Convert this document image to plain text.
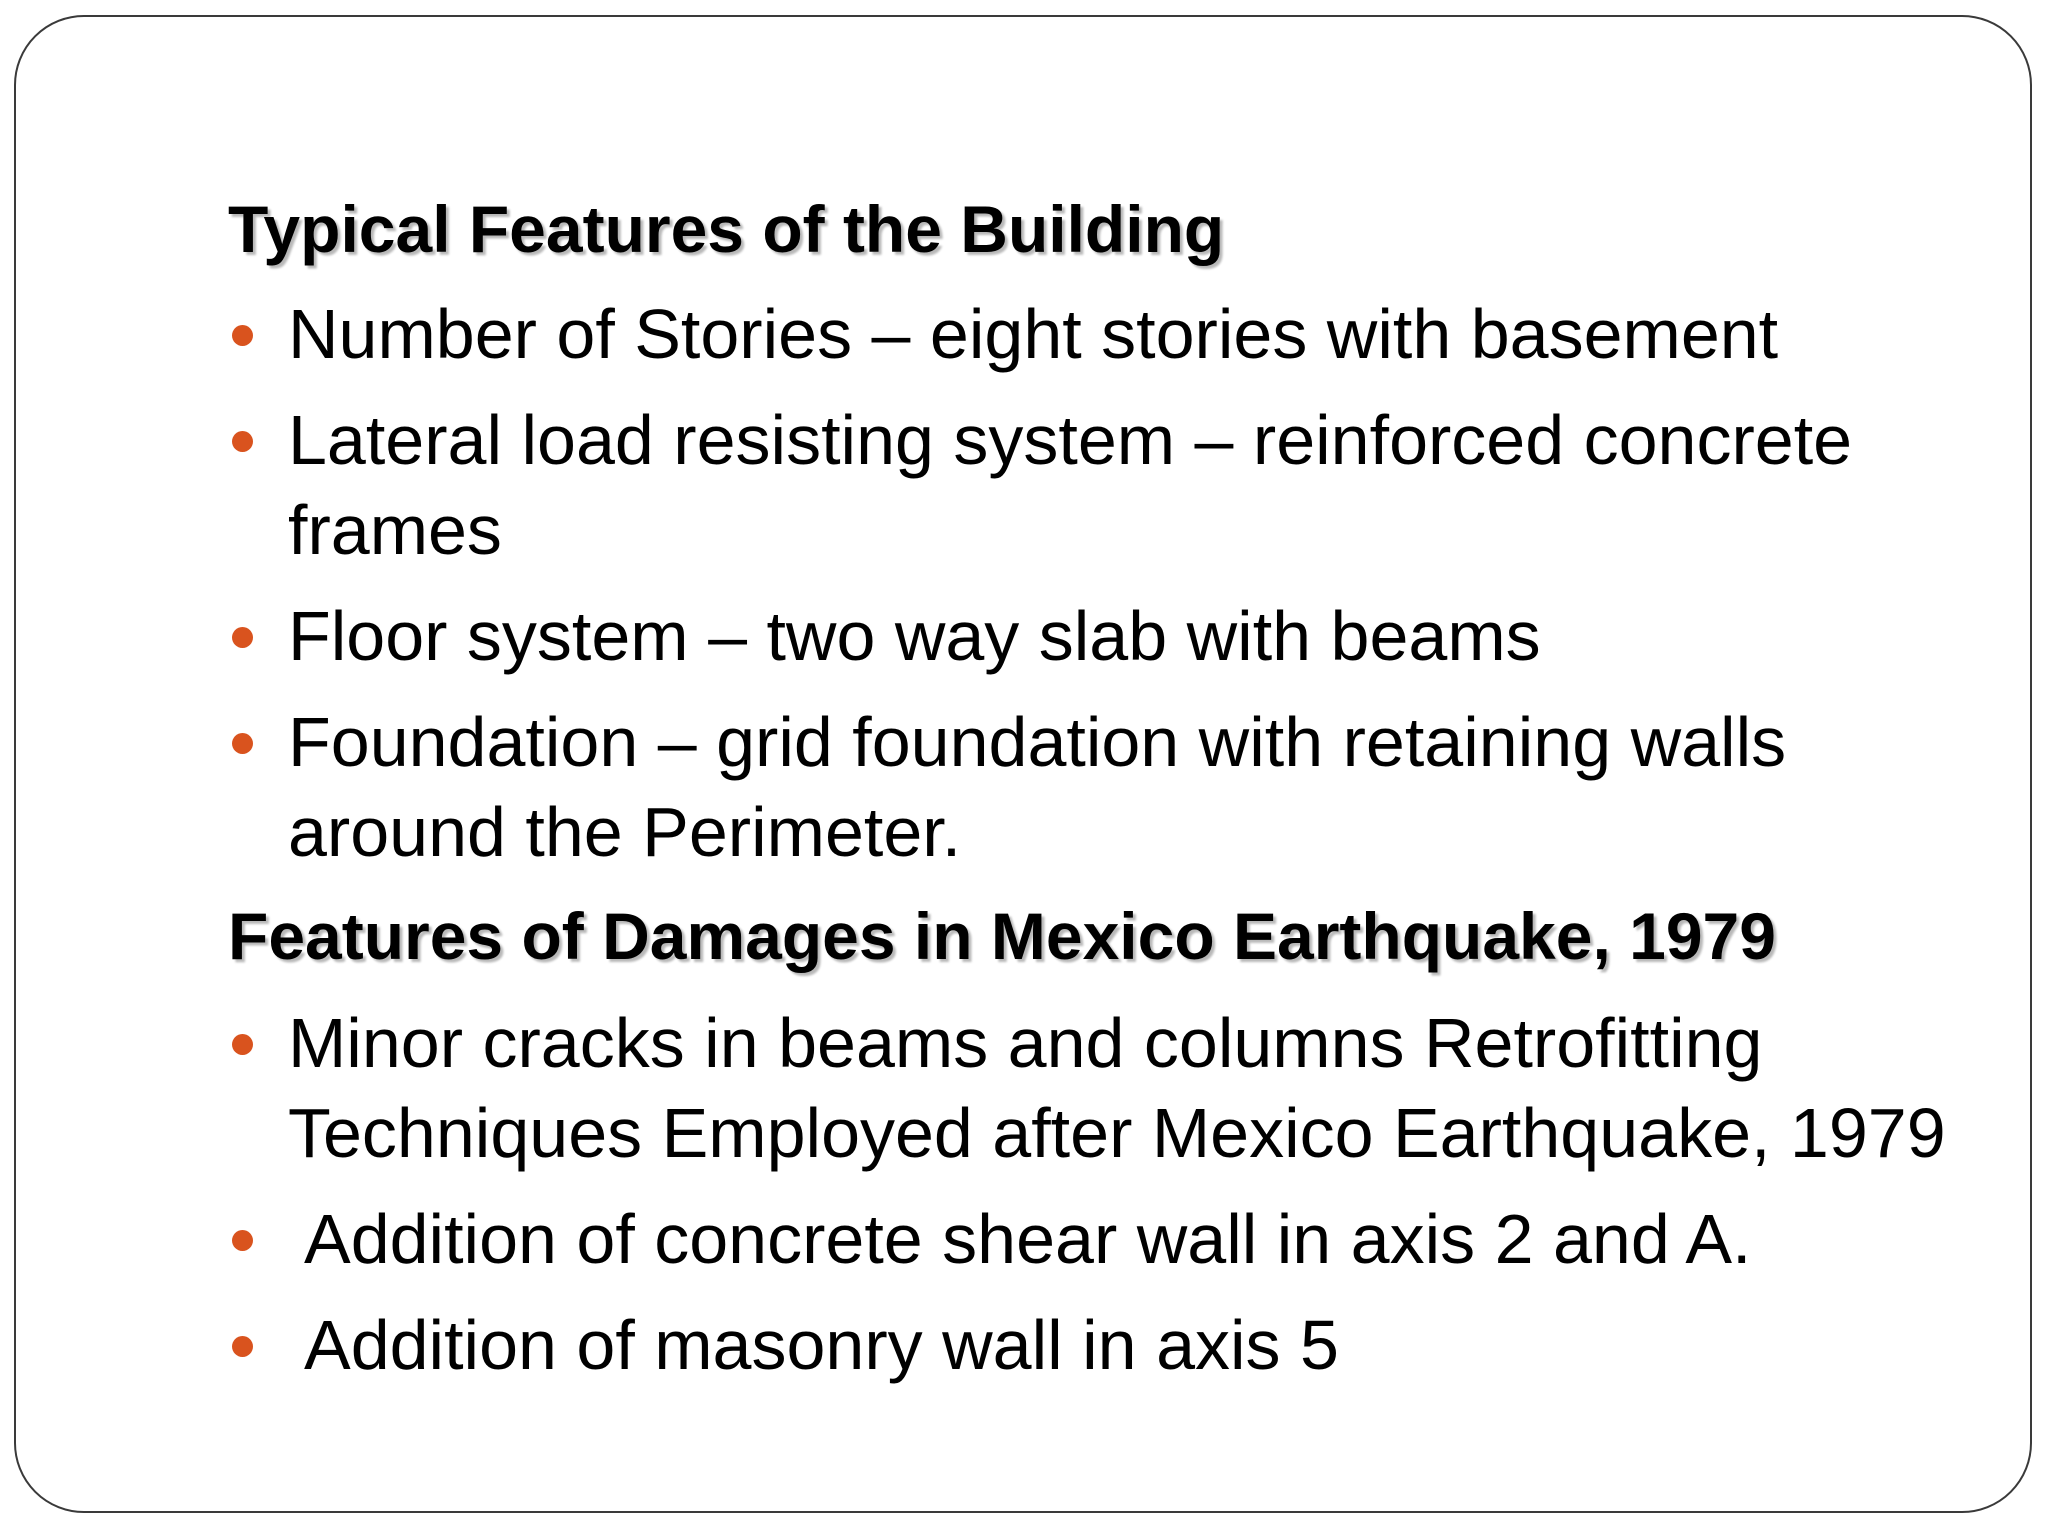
Typical Features of the Building

Number of Stories – eight stories with basement
Lateral load resisting system – reinforced concrete frames
Floor system – two way slab with beams
Foundation – grid foundation with retaining walls around the Perimeter.

Features of Damages in Mexico Earthquake, 1979

Minor cracks in beams and columns Retrofitting Techniques Employed after Mexico Earthquake, 1979
Addition of concrete shear wall in axis 2 and A.
Addition of masonry wall in axis 5
